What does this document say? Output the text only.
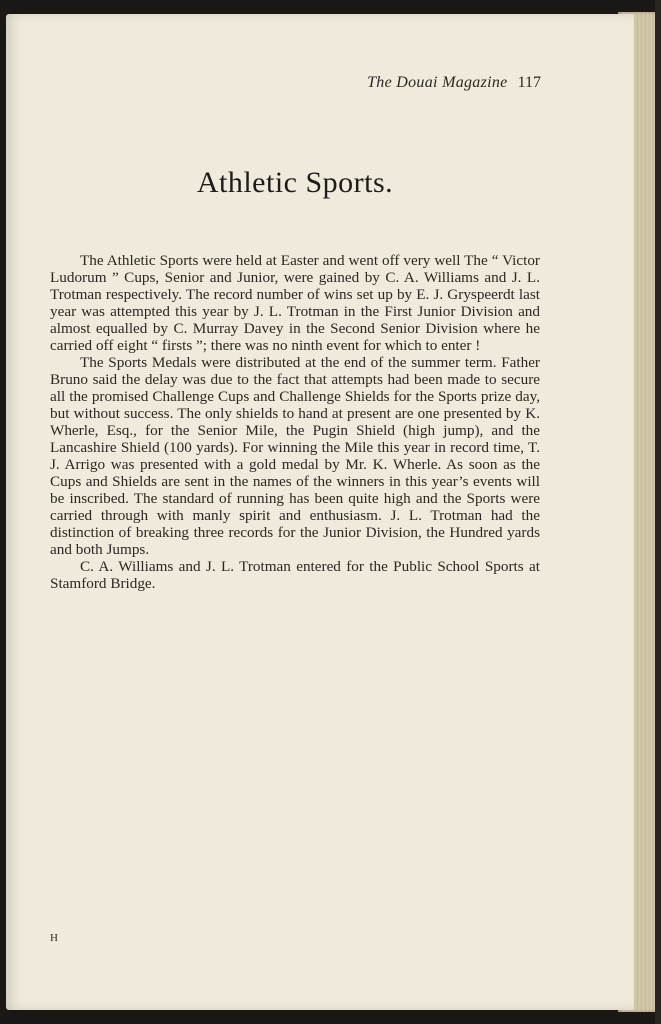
The Douai Magazine 117
Athletic Sports.

The Athletic Sports were held at Easter and went off very well The “ Victor Ludorum ” Cups, Senior and Junior, were gained by C. A. Williams and J. L. Trotman respectively. The record number of wins set up by E. J. Gryspeerdt last year was attempted this year by J. L. Trotman in the First Junior Division and almost equalled by C. Murray Davey in the Second Senior Division where he carried off eight “ firsts ”; there was no ninth event for which to enter !

The Sports Medals were distributed at the end of the summer term. Father Bruno said the delay was due to the fact that attempts had been made to secure all the promised Challenge Cups and Challenge Shields for the Sports prize day, but without success. The only shields to hand at present are one presented by K. Wherle, Esq., for the Senior Mile, the Pugin Shield (high jump), and the Lancashire Shield (100 yards). For winning the Mile this year in record time, T. J. Arrigo was presented with a gold medal by Mr. K. Wherle. As soon as the Cups and Shields are sent in the names of the winners in this year’s events will be inscribed. The standard of running has been quite high and the Sports were carried through with manly spirit and enthusiasm. J. L. Trotman had the distinction of breaking three records for the Junior Division, the Hundred yards and both Jumps.

C. A. Williams and J. L. Trotman entered for the Public School Sports at Stamford Bridge.

H
